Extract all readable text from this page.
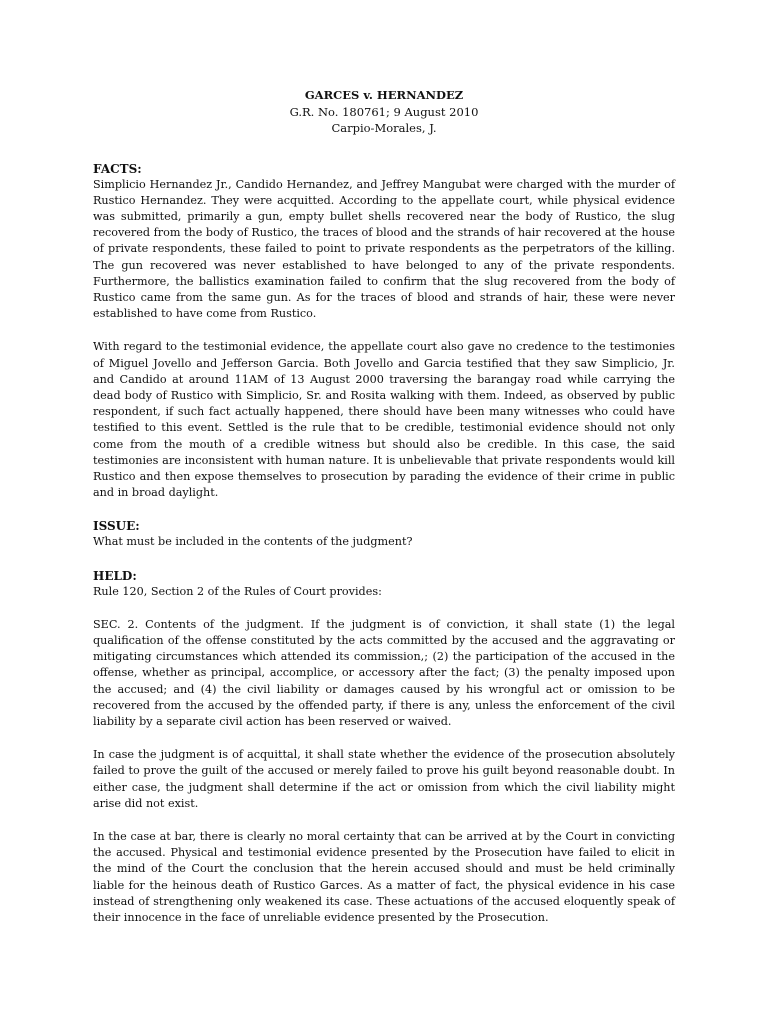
GARCES v. HERNANDEZ
G.R. No. 180761; 9 August 2010
Carpio-Morales, J.

FACTS:

Simplicio Hernandez Jr., Candido Hernandez, and Jeffrey Mangubat were charged with the murder of Rustico Hernandez. They were acquitted. According to the appellate court, while physical evidence was submitted, primarily a gun, empty bullet shells recovered near the body of Rustico, the slug recovered from the body of Rustico, the traces of blood and the strands of hair recovered at the house of private respondents, these failed to point to private respondents as the perpetrators of the killing. The gun recovered was never established to have belonged to any of the private respondents. Furthermore, the ballistics examination failed to confirm that the slug recovered from the body of Rustico came from the same gun. As for the traces of blood and strands of hair, these were never established to have come from Rustico.

With regard to the testimonial evidence, the appellate court also gave no credence to the testimonies of Miguel Jovello and Jefferson Garcia. Both Jovello and Garcia testified that they saw Simplicio, Jr. and Candido at around 11AM of 13 August 2000 traversing the barangay road while carrying the dead body of Rustico with Simplicio, Sr. and Rosita walking with them. Indeed, as observed by public respondent, if such fact actually happened, there should have been many witnesses who could have testified to this event. Settled is the rule that to be credible, testimonial evidence should not only come from the mouth of a credible witness but should also be credible. In this case, the said testimonies are inconsistent with human nature. It is unbelievable that private respondents would kill Rustico and then expose themselves to prosecution by parading the evidence of their crime in public and in broad daylight.

ISSUE:

What must be included in the contents of the judgment?

HELD:

Rule 120, Section 2 of the Rules of Court provides:

SEC. 2. Contents of the judgment. If the judgment is of conviction, it shall state (1) the legal qualification of the offense constituted by the acts committed by the accused and the aggravating or mitigating circumstances which attended its commission,; (2) the participation of the accused in the offense, whether as principal, accomplice, or accessory after the fact; (3) the penalty imposed upon the accused; and (4) the civil liability or damages caused by his wrongful act or omission to be recovered from the accused by the offended party, if there is any, unless the enforcement of the civil liability by a separate civil action has been reserved or waived.

In case the judgment is of acquittal, it shall state whether the evidence of the prosecution absolutely failed to prove the guilt of the accused or merely failed to prove his guilt beyond reasonable doubt. In either case, the judgment shall determine if the act or omission from which the civil liability might arise did not exist.

In the case at bar, there is clearly no moral certainty that can be arrived at by the Court in convicting the accused. Physical and testimonial evidence presented by the Prosecution have failed to elicit in the mind of the Court the conclusion that the herein accused should and must be held criminally liable for the heinous death of Rustico Garces. As a matter of fact, the physical evidence in his case instead of strengthening only weakened its case. These actuations of the accused eloquently speak of their innocence in the face of unreliable evidence presented by the Prosecution.
